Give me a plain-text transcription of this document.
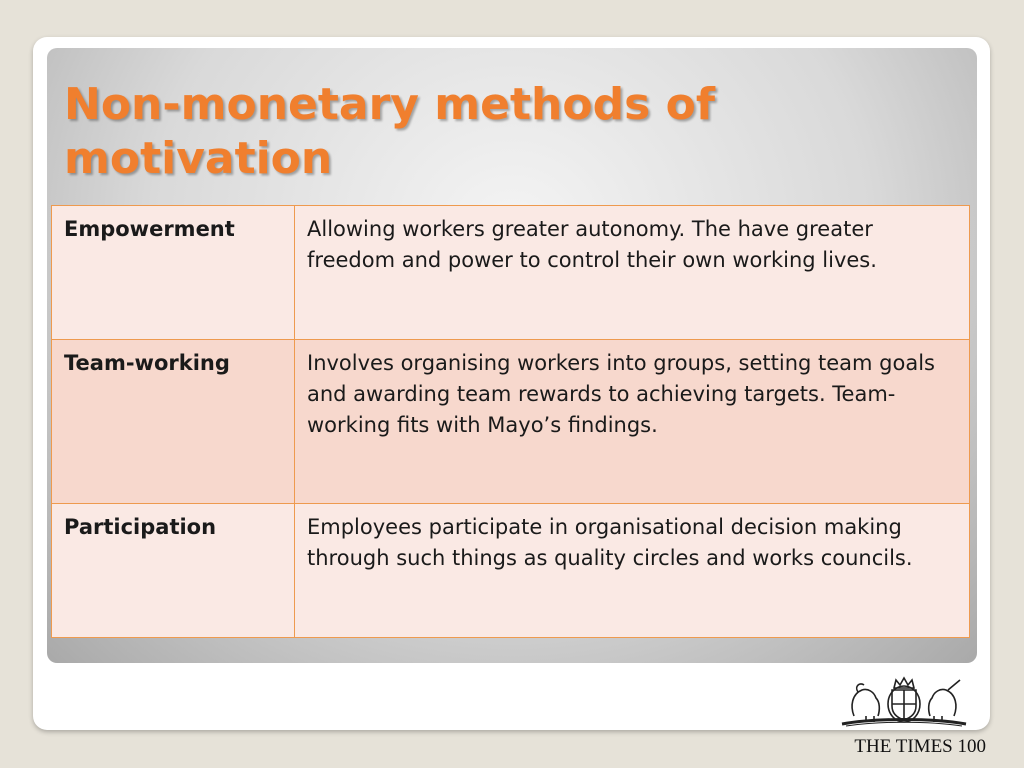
Non-monetary methods of motivation
Empowerment	Allowing workers greater autonomy. The have greater freedom and power to control their own working lives.
Team-working	Involves organising workers into groups, setting team goals and awarding team rewards to achieving targets. Team-working fits with Mayo’s findings.
Participation	Employees participate in organisational decision making through such things as quality circles and works councils.
THE TIMES 100
